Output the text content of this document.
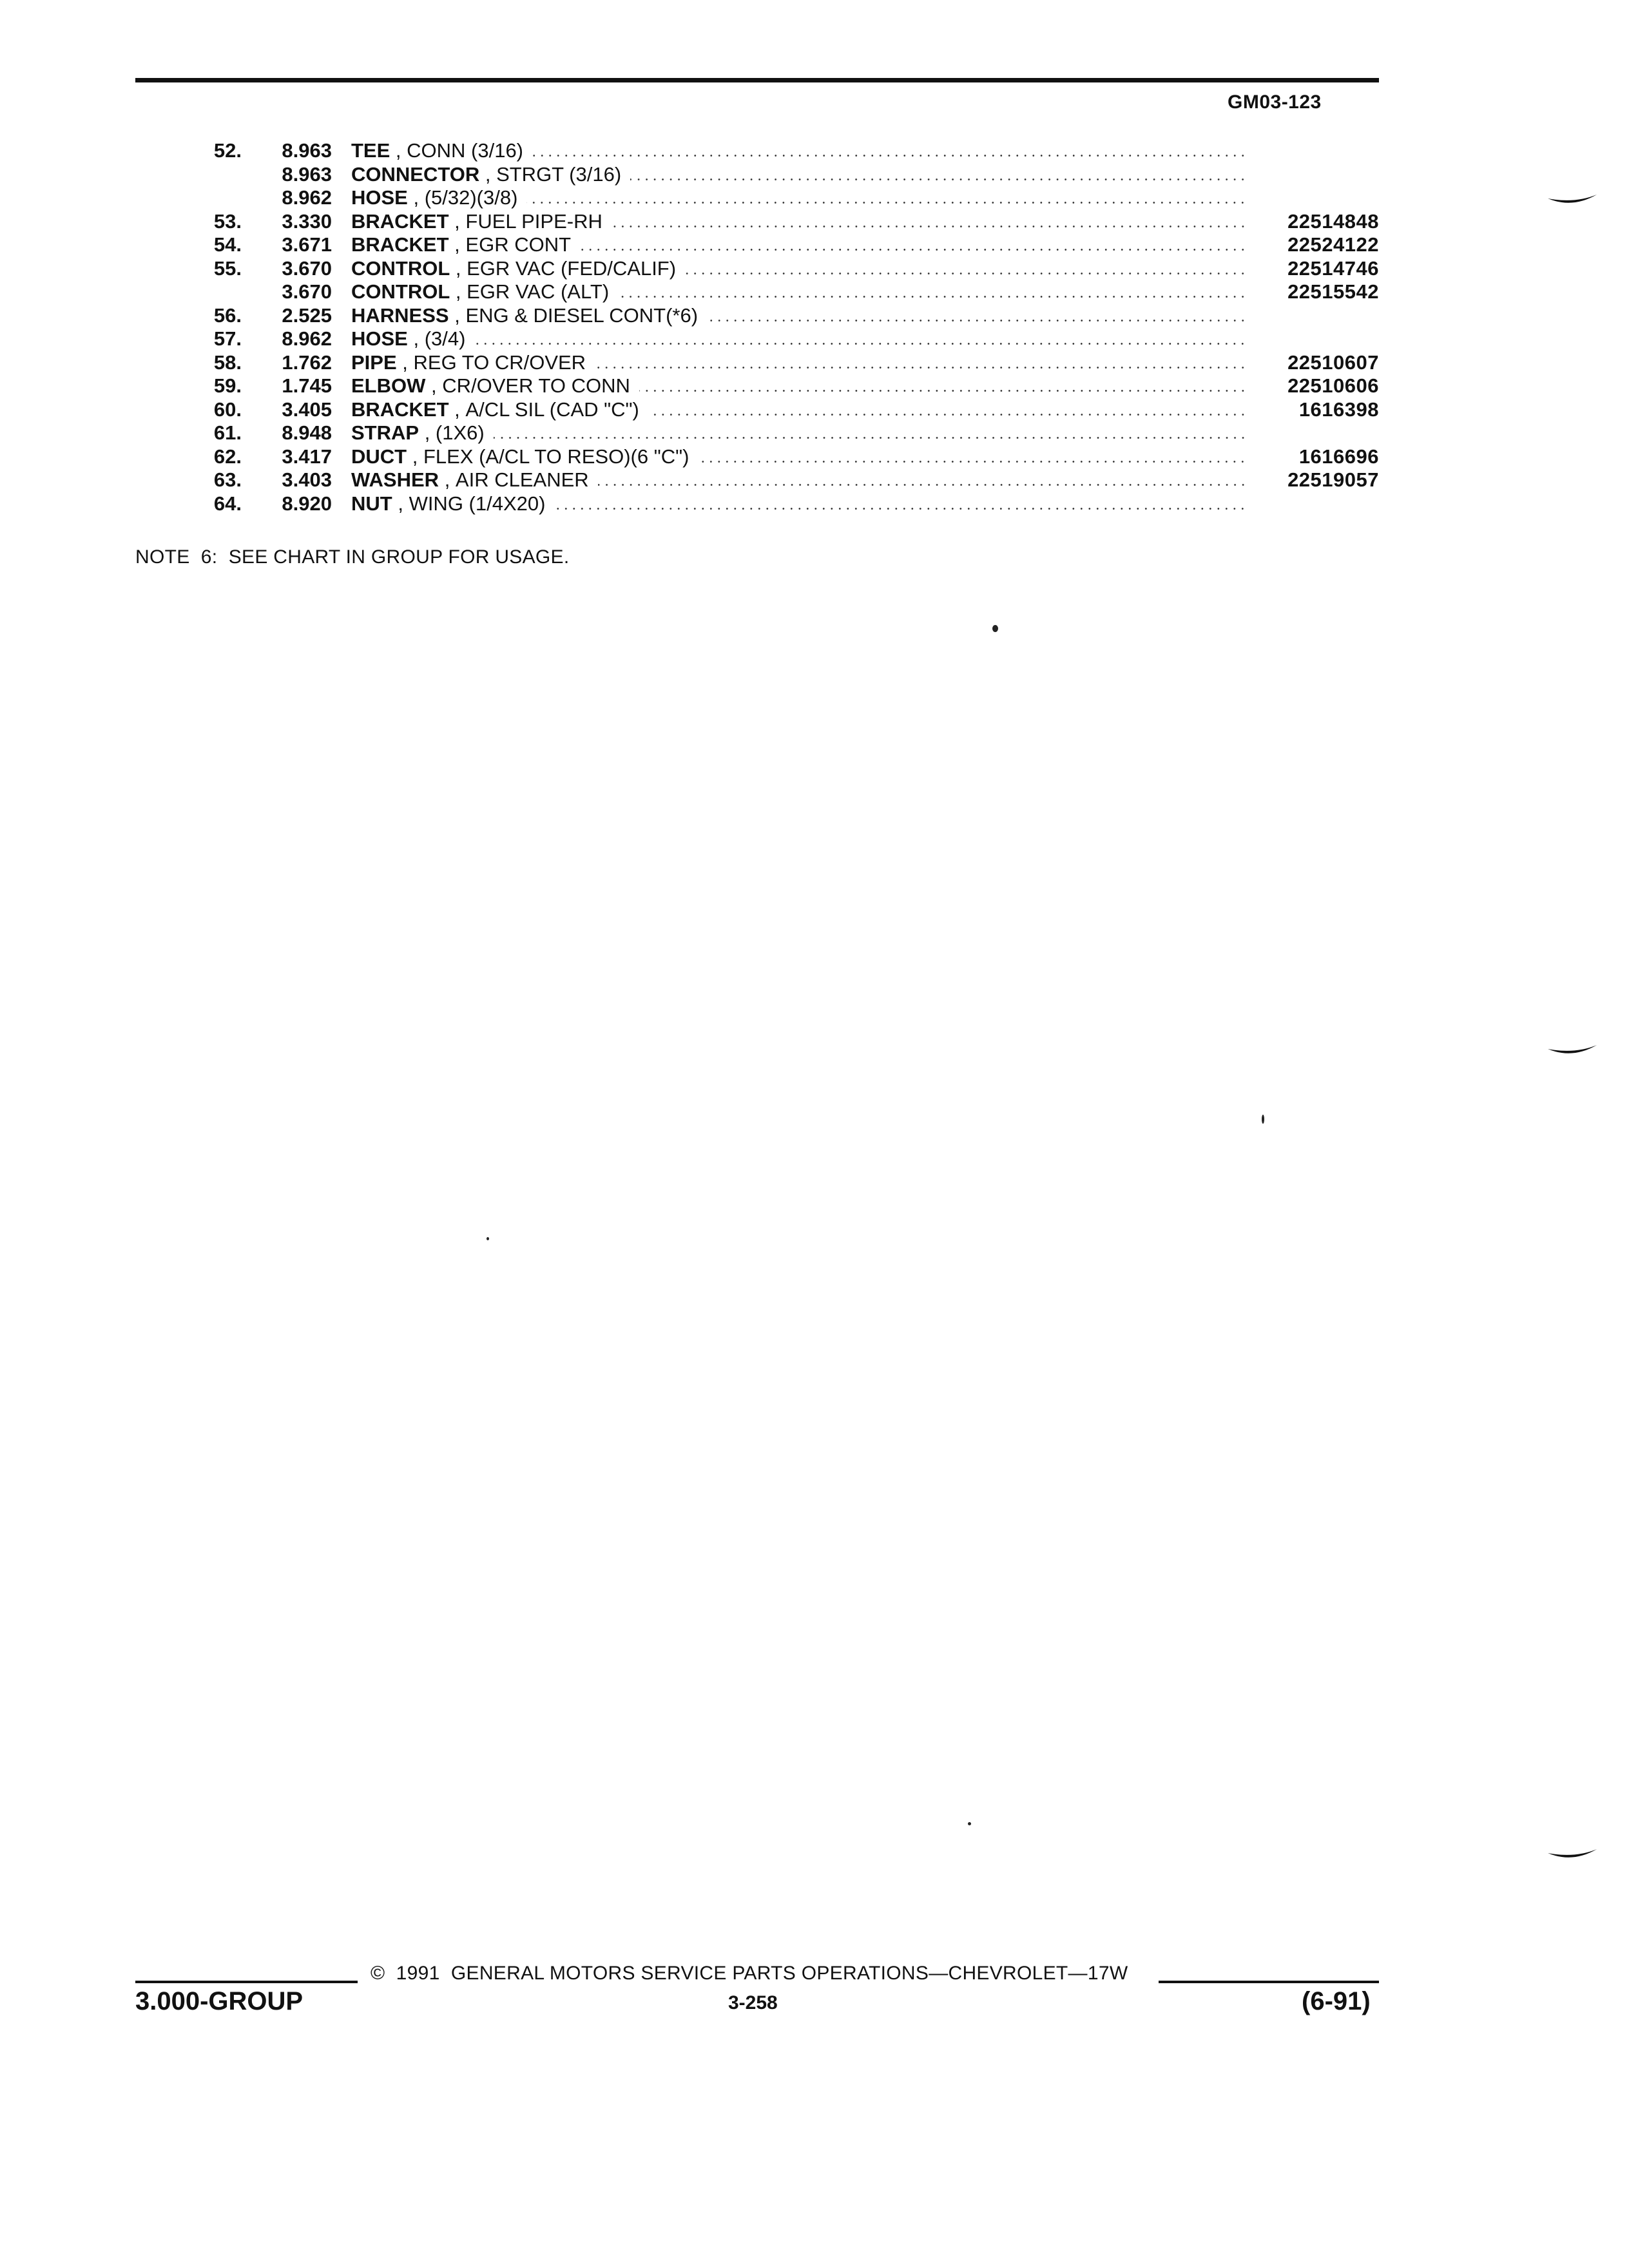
GM03-123
52.	8.963 TEE , CONN (3/16)
8.963 CONNECTOR , STRGT (3/16)
8.962 HOSE , (5/32)(3/8)
53.	3.330 BRACKET , FUEL PIPE-RH	22514848
54.	3.671 BRACKET , EGR CONT	22524122
55.	3.670 CONTROL , EGR VAC (FED/CALIF)	22514746
3.670 CONTROL , EGR VAC (ALT)	22515542
56.	2.525 HARNESS , ENG & DIESEL CONT(*6)
57.	8.962 HOSE , (3/4)
58.	1.762 PIPE , REG TO CR/OVER	22510607
59.	1.745 ELBOW , CR/OVER TO CONN	22510606
60.	3.405 BRACKET , A/CL SIL (CAD "C")	1616398
61.	8.948 STRAP , (1X6)
62.	3.417 DUCT , FLEX (A/CL TO RESO)(6 "C")	1616696
63.	3.403 WASHER , AIR CLEANER	22519057
64.	8.920 NUT , WING (1/4X20)
NOTE  6:  SEE CHART IN GROUP FOR USAGE.
©  1991  GENERAL MOTORS SERVICE PARTS OPERATIONS—CHEVROLET—17W
3.000-GROUP	3-258	(6-91)
